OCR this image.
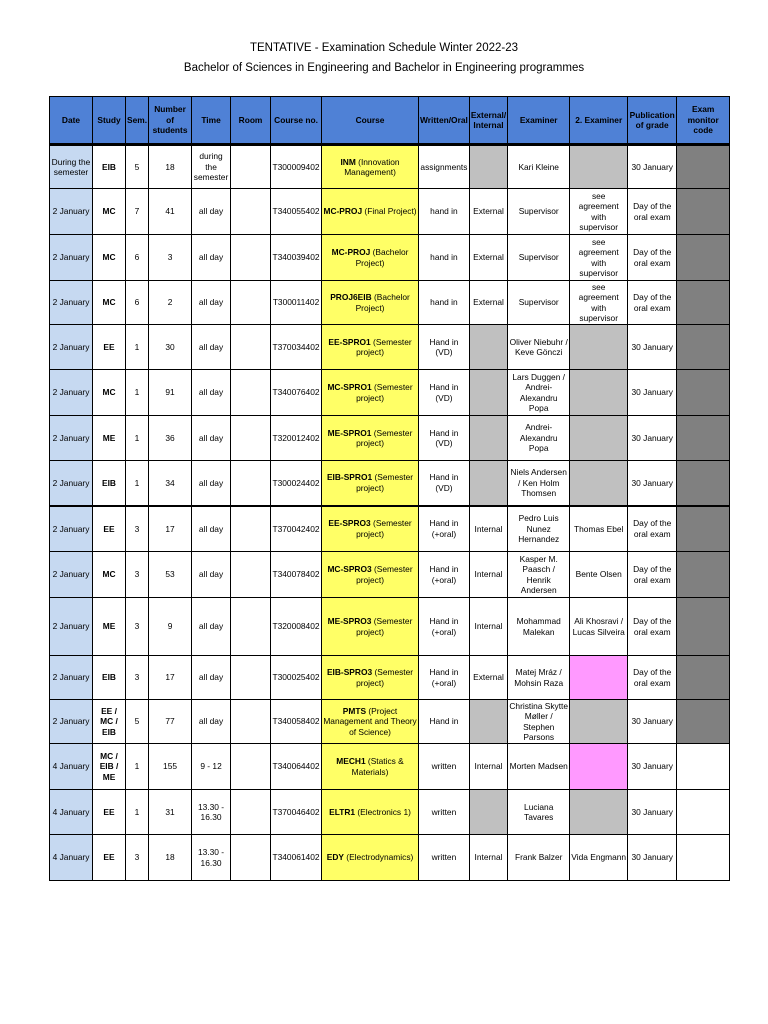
TENTATIVE - Examination Schedule Winter 2022-23
Bachelor of Sciences in Engineering and Bachelor in Engineering programmes
Date	Study	Sem.	Number of students	Time	Room	Course no.	Course	Written/Oral	External/ Internal	Examiner	2. Examiner	Publication of grade	Exam monitor code
During the semester	EIB	5	18	during the semester		T300009402	INM (Innovation Management)	assignments		Kari Kleine		30 January	
2 January	MC	7	41	all day		T340055402	MC-PROJ (Final Project)	hand in	External	Supervisor	see agreement with supervisor	Day of the oral exam	
2 January	MC	6	3	all day		T340039402	MC-PROJ (Bachelor Project)	hand in	External	Supervisor	see agreement with supervisor	Day of the oral exam	
2 January	MC	6	2	all day		T300011402	PROJ6EIB (Bachelor Project)	hand in	External	Supervisor	see agreement with supervisor	Day of the oral exam	
2 January	EE	1	30	all day		T370034402	EE-SPRO1 (Semester project)	Hand in (VD)		Oliver Niebuhr / Keve Gönczi		30 January	
2 January	MC	1	91	all day		T340076402	MC-SPRO1 (Semester project)	Hand in (VD)		Lars Duggen / Andrei-Alexandru Popa		30 January	
2 January	ME	1	36	all day		T320012402	ME-SPRO1 (Semester project)	Hand in (VD)		Andrei-Alexandru Popa		30 January	
2 January	EIB	1	34	all day		T300024402	EIB-SPRO1 (Semester project)	Hand in (VD)		Niels Andersen / Ken Holm Thomsen		30 January	
2 January	EE	3	17	all day		T370042402	EE-SPRO3 (Semester project)	Hand in (+oral)	Internal	Pedro Luis Nunez Hernandez	Thomas Ebel	Day of the oral exam	
2 January	MC	3	53	all day		T340078402	MC-SPRO3 (Semester project)	Hand in (+oral)	Internal	Kasper M. Paasch / Henrik Andersen	Bente Olsen	Day of the oral exam	
2 January	ME	3	9	all day		T320008402	ME-SPRO3 (Semester project)	Hand in (+oral)	Internal	Mohammad Malekan	Ali Khosravi / Lucas Silveira	Day of the oral exam	
2 January	EIB	3	17	all day		T300025402	EIB-SPRO3 (Semester project)	Hand in (+oral)	External	Matej Mráz / Mohsin Raza		Day of the oral exam	
2 January	EE / MC / EIB	5	77	all day		T340058402	PMTS (Project Management and Theory of Science)	Hand in		Christina Skytte Møller / Stephen Parsons		30 January	
4 January	MC / EIB / ME	1	155	9 - 12		T340064402	MECH1 (Statics & Materials)	written	Internal	Morten Madsen		30 January	
4 January	EE	1	31	13.30 - 16.30		T370046402	ELTR1 (Electronics 1)	written		Luciana Tavares		30 January	
4 January	EE	3	18	13.30 - 16.30		T340061402	EDY (Electrodynamics)	written	Internal	Frank Balzer	Vida Engmann	30 January	
